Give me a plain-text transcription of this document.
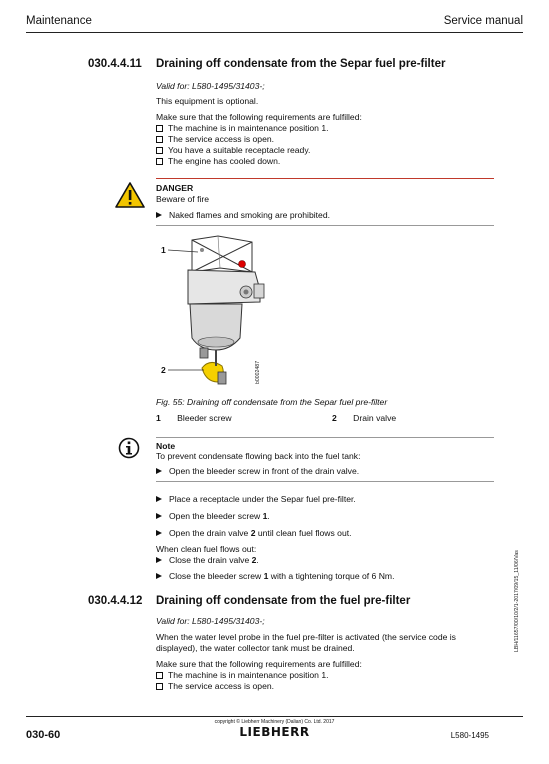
Maintenance	Service manual
030.4.4.11 Draining off condensate from the Separ fuel pre-filter
Valid for: L580-1495/31403-;
This equipment is optional.
Make sure that the following requirements are fulfilled:
The machine is in maintenance position 1.
The service access is open.
You have a suitable receptacle ready.
The engine has cooled down.
DANGER
Beware of fire
Naked flames and smoking are prohibited.
1
2	b0002487
Fig. 55: Draining off condensate from the Separ fuel pre-filter
1 Bleeder screw	2 Drain valve
Note
To prevent condensate flowing back into the fuel tank:
Open the bleeder screw in front of the drain valve.
Place a receptacle under the Separ fuel pre-filter.
Open the bleeder screw 1.
Open the drain valve 2 until clean fuel flows out.
When clean fuel flows out:
Close the drain valve 2.
Close the bleeder screw 1 with a tightening torque of 6 Nm.
030.4.4.12 Draining off condensate from the fuel pre-filter
Valid for: L580-1495/31403-;
When the water level probe in the fuel pre-filter is activated (the service code is
displayed), the water collector tank must be drained.
Make sure that the following requirements are fulfilled:
The machine is in maintenance position 1.
The service access is open.
LBH/11657/00/10/2/1-2017/09/15_11/06/Vas
copyright © Liebherr Machinery (Dalian) Co. Ltd. 2017
LIEBHERR
030-60	L580-1495
